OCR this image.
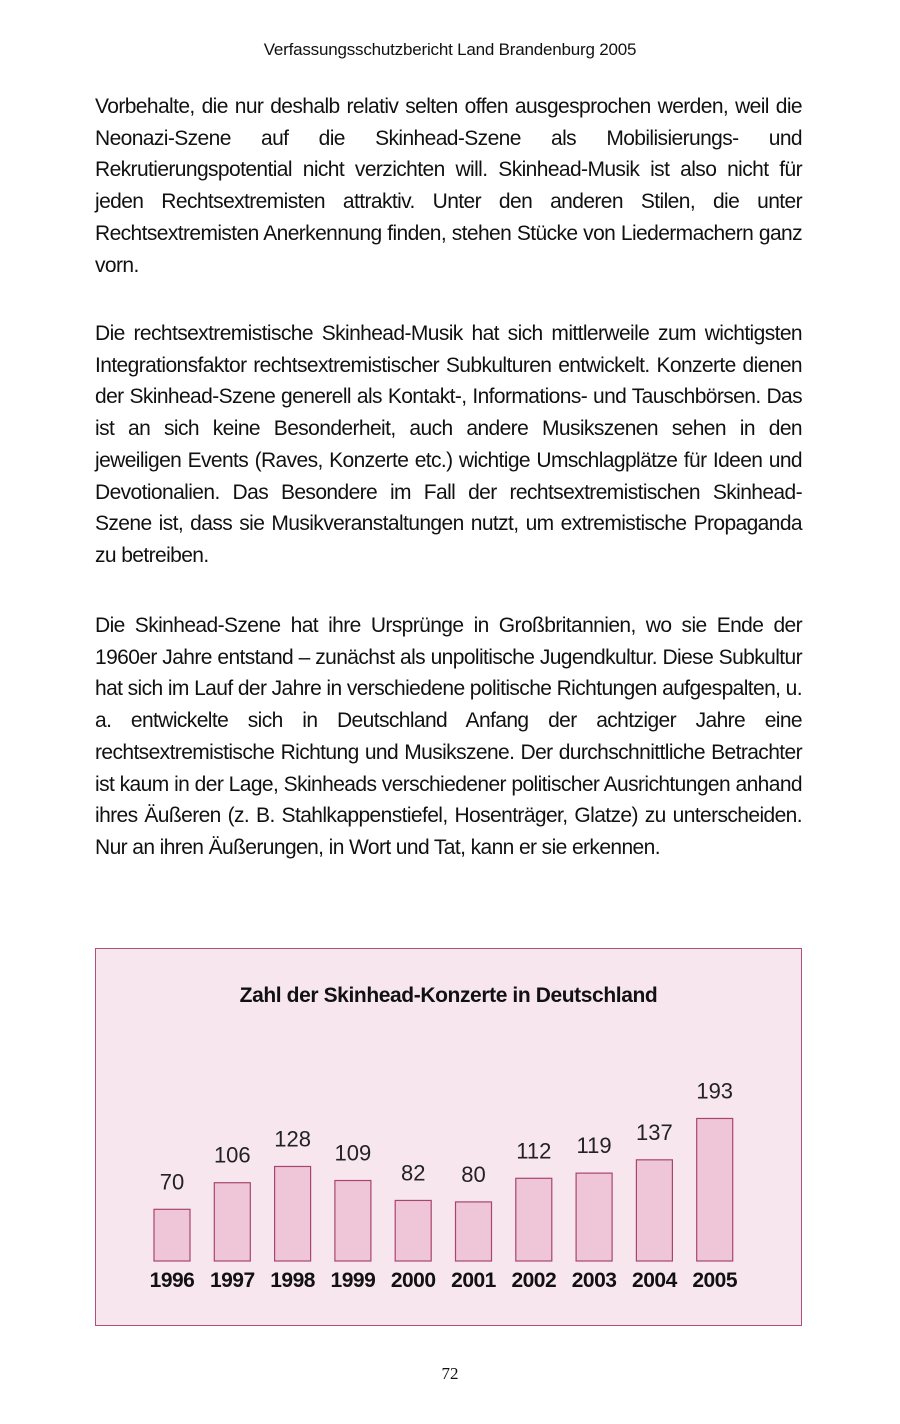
Verfassungsschutzbericht Land Brandenburg 2005

Vorbehalte, die nur deshalb relativ selten offen ausgesprochen werden, weil die Neonazi-Szene auf die Skinhead-Szene als Mobilisierungs- und Rekrutierungspotential nicht verzichten will. Skinhead-Musik ist also nicht für jeden Rechtsextremisten attraktiv. Unter den anderen Stilen, die unter Rechtsextremisten Anerkennung finden, stehen Stücke von Liedermachern ganz vorn.

Die rechtsextremistische Skinhead-Musik hat sich mittlerweile zum wichtigsten Integrationsfaktor rechtsextremistischer Subkulturen entwickelt. Konzerte dienen der Skinhead-Szene generell als Kontakt-, Informations- und Tauschbörsen. Das ist an sich keine Besonderheit, auch andere Musikszenen sehen in den jeweiligen Events (Raves, Konzerte etc.) wichtige Umschlagplätze für Ideen und Devotionalien. Das Besondere im Fall der rechtsextremistischen Skinhead-Szene ist, dass sie Musikveranstaltungen nutzt, um extremistische Propaganda zu betreiben.

Die Skinhead-Szene hat ihre Ursprünge in Großbritannien, wo sie Ende der 1960er Jahre entstand – zunächst als unpolitische Jugendkultur. Diese Subkultur hat sich im Lauf der Jahre in verschiedene politische Richtungen aufgespalten, u. a. entwickelte sich in Deutschland Anfang der achtziger Jahre eine rechtsextremistische Richtung und Musikszene. Der durchschnittliche Betrachter ist kaum in der Lage, Skinheads verschiedener politischer Ausrichtungen anhand ihres Äußeren (z. B. Stahlkappenstiefel, Hosenträger, Glatze) zu unterscheiden. Nur an ihren Äußerungen, in Wort und Tat, kann er sie erkennen.

Zahl der Skinhead-Konzerte in Deutschland
70
1996
106
1997
128
1998
109
1999
82
2000
80
2001
112
2002
119
2003
137
2004
193
2005
72
